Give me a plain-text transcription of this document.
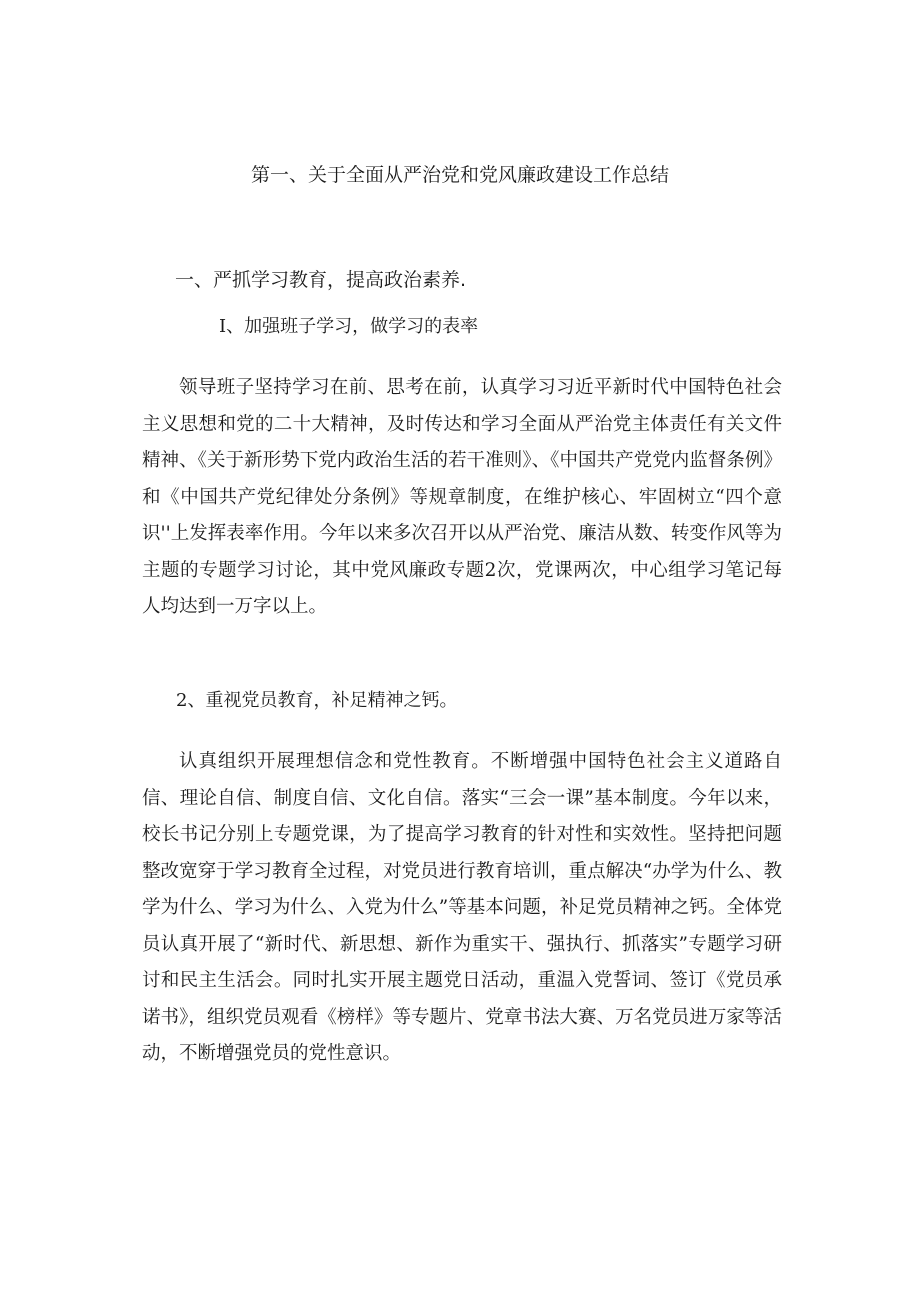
第一、关于全面从严治党和党风廉政建设工作总结
一、严抓学习教育，提高政治素养.
I、加强班子学习，做学习的表率

领导班子坚持学习在前、思考在前，认真学习习近平新时代中国特色社会主义思想和党的二十大精神，及时传达和学习全面从严治党主体责任有关文件精神、《关于新形势下党内政治生活的若干准则》、《中国共产党党内监督条例》和《中国共产党纪律处分条例》等规章制度，在维护核心、牢固树立“四个意识''上发挥表率作用。今年以来多次召开以从严治党、廉洁从数、转变作风等为主题的专题学习讨论，其中党风廉政专题2次，党课两次，中心组学习笔记每人均达到一万字以上。

2、重视党员教育，补足精神之钙。

认真组织开展理想信念和党性教育。不断增强中国特色社会主义道路自信、理论自信、制度自信、文化自信。落实“三会一课”基本制度。今年以来，校长书记分别上专题党课，为了提高学习教育的针对性和实效性。坚持把问题整改宽穿于学习教育全过程，对党员进行教育培训，重点解决“办学为什么、教学为什么、学习为什么、入党为什么”等基本问题，补足党员精神之钙。全体党员认真开展了“新时代、新思想、新作为重实干、强执行、抓落实”专题学习研讨和民主生活会。同时扎实开展主题党日活动，重温入党誓词、签订《党员承诺书》，组织党员观看《榜样》等专题片、党章书法大赛、万名党员进万家等活动，不断增强党员的党性意识。
